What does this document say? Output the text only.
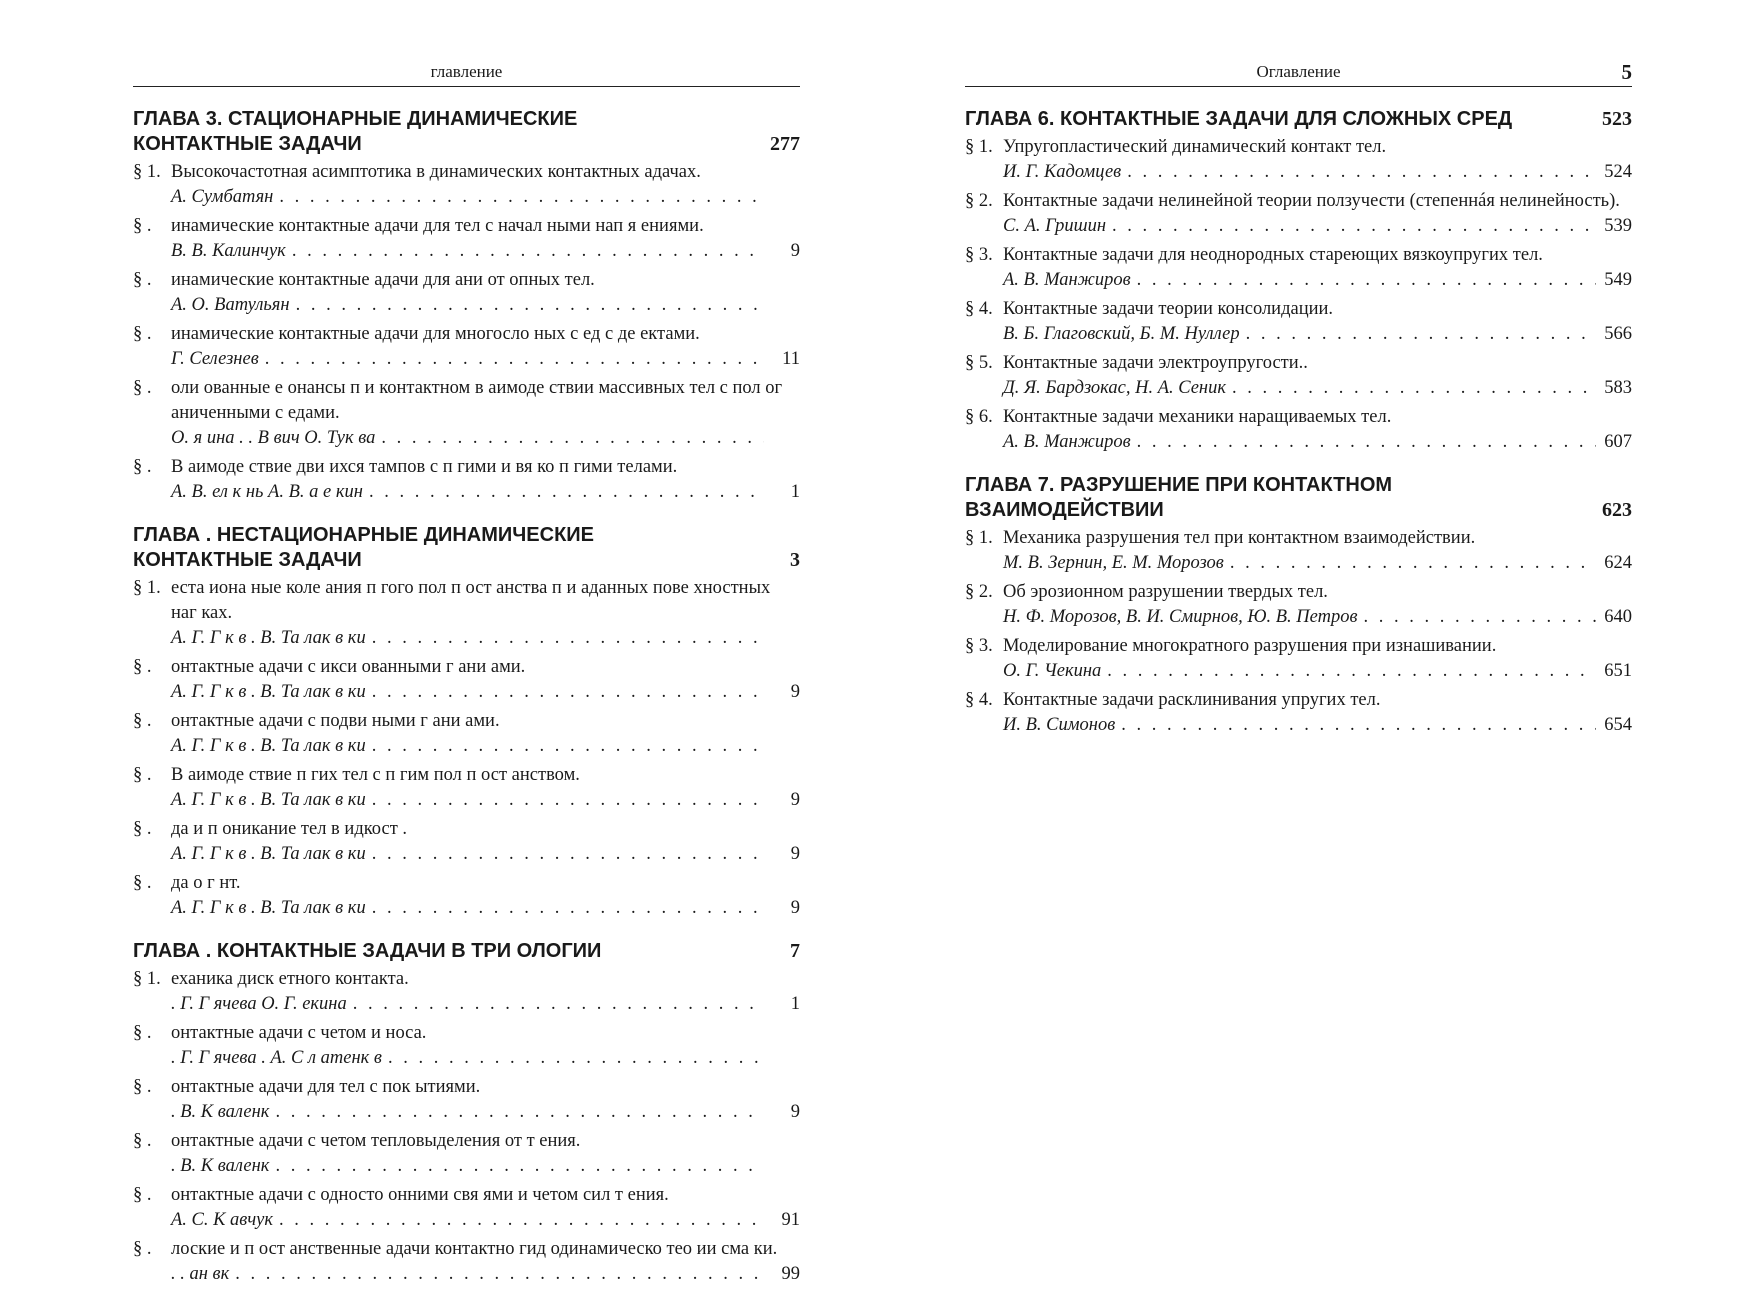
главление
ГЛАВА 3. СТАЦИОНАРНЫЕ ДИНАМИЧЕСКИЕ КОНТАКТНЫЕ ЗАДАЧИ	277
§ 1. Высокочастотная асимптотика в динамических контактных адачах.
А. Сумбатян
. . .
§ . инамические контактные адачи для тел с начал ными нап я ениями.
В. В. Калинчук . . .	9
§ . инамические контактные адачи для ани от опных тел.
А. О. Ватульян
. . .
§ . инамические контактные адачи для многосло ных с ед с де ектами.
Г. Селезнев . . .	11
§ . оли ованные е онансы п и контактном в аимоде ствии массивных тел с пол ог аниченными с едами.
О. я ина . . В вич О. Тук ва
. . .
§ . В аимоде ствие дви ихся тампов с п гими и вя ко п гими телами.
А. В. ел к нь А. В. а е кин . . .	1
ГЛАВА . НЕСТАЦИОНАРНЫЕ ДИНАМИЧЕСКИЕ КОНТАКТНЫЕ ЗАДАЧИ	3
§ 1. еста иона ные коле ания п гого пол п ост анства п и аданных пове хностных наг ках.
А. Г. Г к в . В. Та лак в ки
. . .
§ . онтактные адачи с икси ованными г ани ами.
А. Г. Г к в . В. Та лак в ки . . .	9
§ . онтактные адачи с подви ными г ани ами.
А. Г. Г к в . В. Та лак в ки
. . .
§ . В аимоде ствие п гих тел с п гим пол п ост анством.
А. Г. Г к в . В. Та лак в ки . . .	9
§ . да и п оникание тел в идкост .
А. Г. Г к в . В. Та лак в ки . . .	9
§ . да о г нт.
А. Г. Г к в . В. Та лак в ки . . .	9
ГЛАВА . КОНТАКТНЫЕ ЗАДАЧИ В ТРИ ОЛОГИИ	7
§ 1. еханика диск етного контакта.
. Г. Г ячева О. Г. екина . . .	1
§ . онтактные адачи с четом и носа.
. Г. Г ячева . А. С л атенк в
. . .
§ . онтактные адачи для тел с пок ытиями.
. В. К валенк . . .	9
§ . онтактные адачи с четом тепловыделения от т ения.
. В. К валенк
. . .
§ . онтактные адачи с односто онними свя ями и четом сил т ения.
А. С. К авчук . . .	91
§ . лоские и п ост анственные адачи контактно гид одинамическо тео ии сма ки.
. . ан вк . . .	99
Оглавление	5
ГЛАВА 6. КОНТАКТНЫЕ ЗАДАЧИ ДЛЯ СЛОЖНЫХ СРЕД	523
§ 1. Упругопластический динамический контакт тел.
И. Г. Кадомцев . . .	524
§ 2. Контактные задачи нелинейной теории ползучести (степеннáя нелинейность).
С. А. Гришин . . .	539
§ 3. Контактные задачи для неоднородных стареющих вязкоупругих тел.
А. В. Манжиров . . .	549
§ 4. Контактные задачи теории консолидации.
В. Б. Глаговский, Б. М. Нуллер . . .	566
§ 5. Контактные задачи электроупругости..
Д. Я. Бардзокас, Н. А. Сеник . . .	583
§ 6. Контактные задачи механики наращиваемых тел.
А. В. Манжиров . . .	607
ГЛАВА 7. РАЗРУШЕНИЕ ПРИ КОНТАКТНОМ ВЗАИМОДЕЙСТВИИ	623
§ 1. Механика разрушения тел при контактном взаимодействии.
М. В. Зернин, Е. М. Морозов . . .	624
§ 2. Об эрозионном разрушении твердых тел.
Н. Ф. Морозов, В. И. Смирнов, Ю. В. Петров . . .	640
§ 3. Моделирование многократного разрушения при изнашивании.
О. Г. Чекина . . .	651
§ 4. Контактные задачи расклинивания упругих тел.
И. В. Симонов . . .	654
